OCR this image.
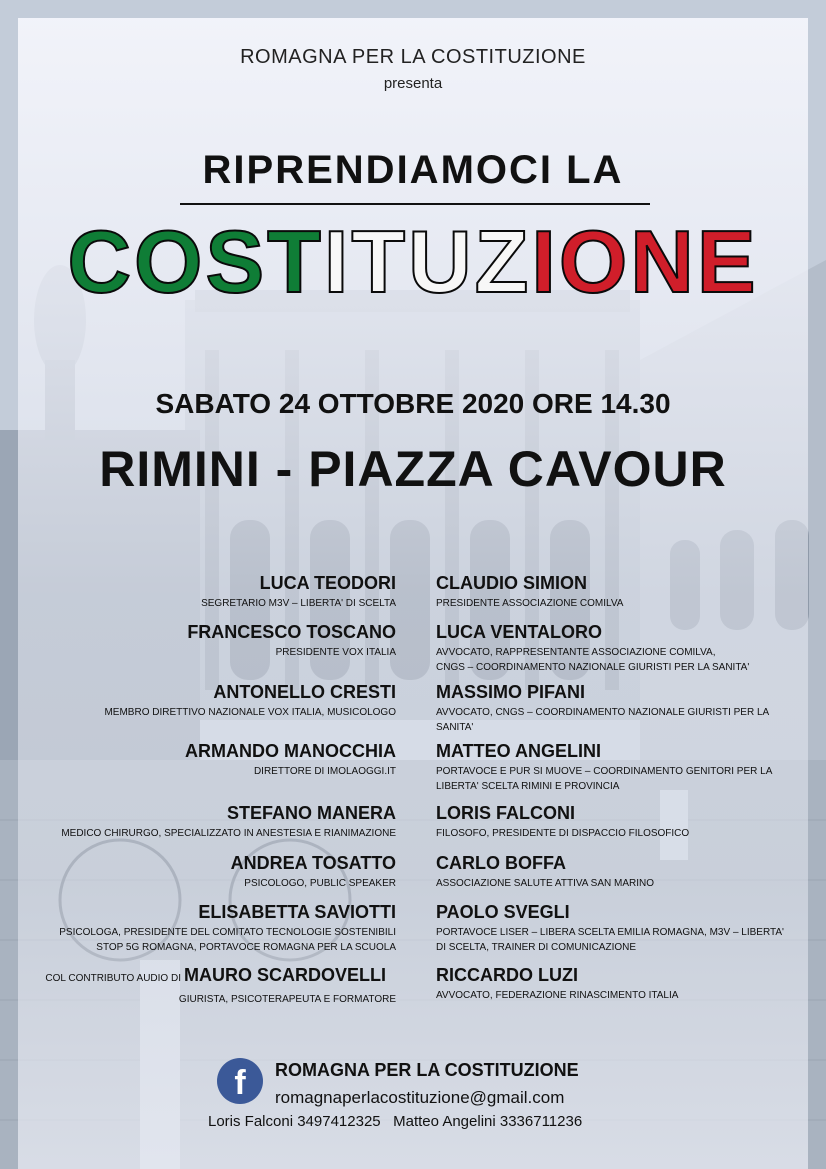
ROMAGNA PER LA COSTITUZIONE
presenta
RIPRENDIAMOCI LA
COSTITUZIONE
SABATO 24 OTTOBRE 2020 ORE 14.30
RIMINI - PIAZZA CAVOUR
LUCA TEODORI
SEGRETARIO M3V – LIBERTA' DI SCELTA
FRANCESCO TOSCANO
PRESIDENTE VOX ITALIA
ANTONELLO CRESTI
MEMBRO DIRETTIVO NAZIONALE VOX ITALIA, MUSICOLOGO
ARMANDO MANOCCHIA
DIRETTORE DI IMOLAOGGI.IT
STEFANO MANERA
MEDICO CHIRURGO, SPECIALIZZATO IN ANESTESIA E RIANIMAZIONE
ANDREA TOSATTO
PSICOLOGO, PUBLIC SPEAKER
ELISABETTA SAVIOTTI
PSICOLOGA, PRESIDENTE DEL COMITATO TECNOLOGIE SOSTENIBILI
STOP 5G ROMAGNA, PORTAVOCE ROMAGNA PER LA SCUOLA
COL CONTRIBUTO AUDIO DI MAURO SCARDOVELLI
GIURISTA, PSICOTERAPEUTA E FORMATORE
CLAUDIO SIMION
PRESIDENTE ASSOCIAZIONE COMILVA
LUCA VENTALORO
AVVOCATO, RAPPRESENTANTE ASSOCIAZIONE COMILVA,
CNGS – COORDINAMENTO NAZIONALE GIURISTI PER LA SANITA'
MASSIMO PIFANI
AVVOCATO, CNGS – COORDINAMENTO NAZIONALE GIURISTI PER LA
SANITA'
MATTEO ANGELINI
PORTAVOCE E PUR SI MUOVE – COORDINAMENTO GENITORI PER LA
LIBERTA' SCELTA RIMINI E PROVINCIA
LORIS FALCONI
FILOSOFO, PRESIDENTE DI DISPACCIO FILOSOFICO
CARLO BOFFA
ASSOCIAZIONE SALUTE ATTIVA SAN MARINO
PAOLO SVEGLI
PORTAVOCE LISER – LIBERA SCELTA EMILIA ROMAGNA, M3V – LIBERTA'
DI SCELTA, TRAINER DI COMUNICAZIONE
RICCARDO LUZI
AVVOCATO, FEDERAZIONE RINASCIMENTO ITALIA
f	ROMAGNA PER LA COSTITUZIONE
romagnaperlacostituzione@gmail.com
Loris Falconi 3497412325   Matteo Angelini 3336711236
